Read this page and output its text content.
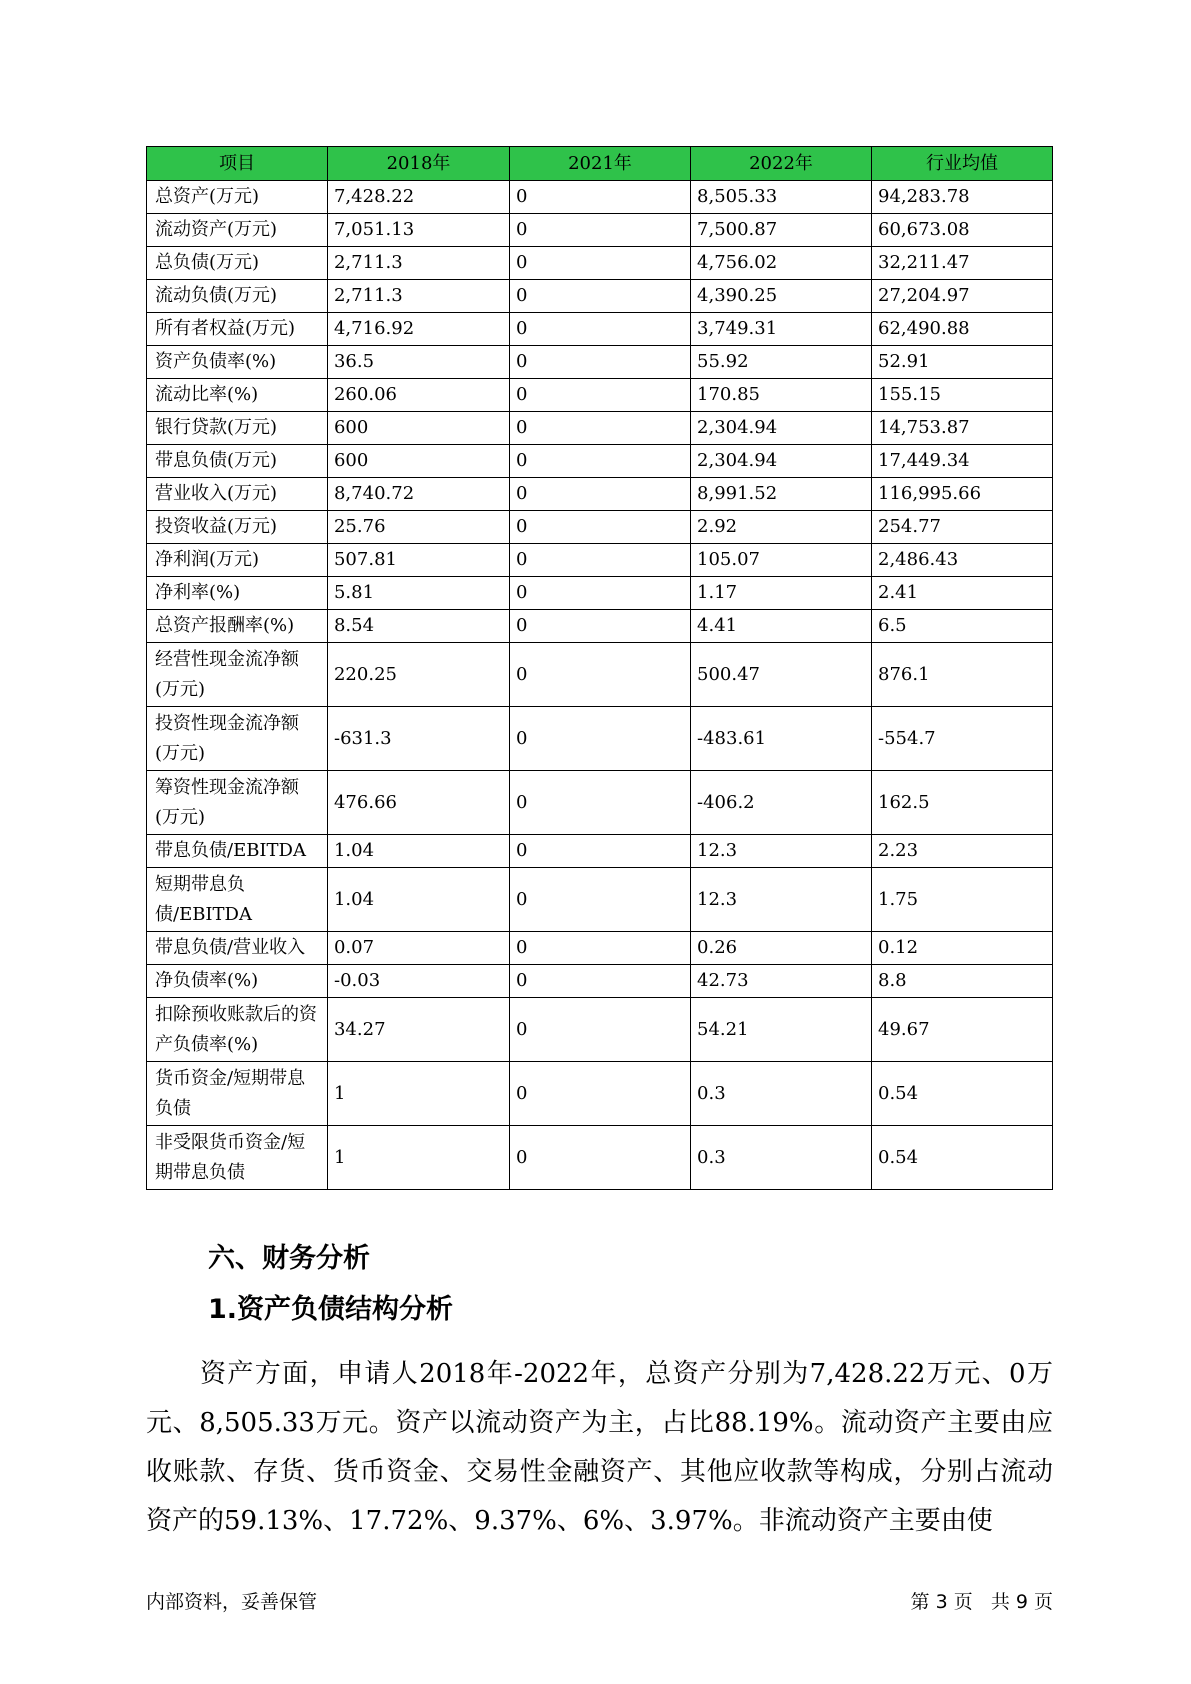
项目	2018年	2021年	2022年	行业均值
总资产(万元)	7,428.22	0	8,505.33	94,283.78
流动资产(万元)	7,051.13	0	7,500.87	60,673.08
总负债(万元)	2,711.3	0	4,756.02	32,211.47
流动负债(万元)	2,711.3	0	4,390.25	27,204.97
所有者权益(万元)	4,716.92	0	3,749.31	62,490.88
资产负债率(%)	36.5	0	55.92	52.91
流动比率(%)	260.06	0	170.85	155.15
银行贷款(万元)	600	0	2,304.94	14,753.87
带息负债(万元)	600	0	2,304.94	17,449.34
营业收入(万元)	8,740.72	0	8,991.52	116,995.66
投资收益(万元)	25.76	0	2.92	254.77
净利润(万元)	507.81	0	105.07	2,486.43
净利率(%)	5.81	0	1.17	2.41
总资产报酬率(%)	8.54	0	4.41	6.5
经营性现金流净额(万元)	220.25	0	500.47	876.1
投资性现金流净额(万元)	-631.3	0	-483.61	-554.7
筹资性现金流净额(万元)	476.66	0	-406.2	162.5
带息负债/EBITDA	1.04	0	12.3	2.23
短期带息负债/EBITDA	1.04	0	12.3	1.75
带息负债/营业收入	0.07	0	0.26	0.12
净负债率(%)	-0.03	0	42.73	8.8
扣除预收账款后的资产负债率(%)	34.27	0	54.21	49.67
货币资金/短期带息负债	1	0	0.3	0.54
非受限货币资金/短期带息负债	1	0	0.3	0.54
六、财务分析
1.资产负债结构分析

资产方面，申请人2018年-2022年，总资产分别为7,428.22万元、0万元、8,505.33万元。资产以流动资产为主，占比88.19%。流动资产主要由应收账款、存货、货币资金、交易性金融资产、其他应收款等构成，分别占流动资产的59.13%、17.72%、9.37%、6%、3.97%。非流动资产主要由使

内部资料，妥善保管	第 3 页   共 9 页
